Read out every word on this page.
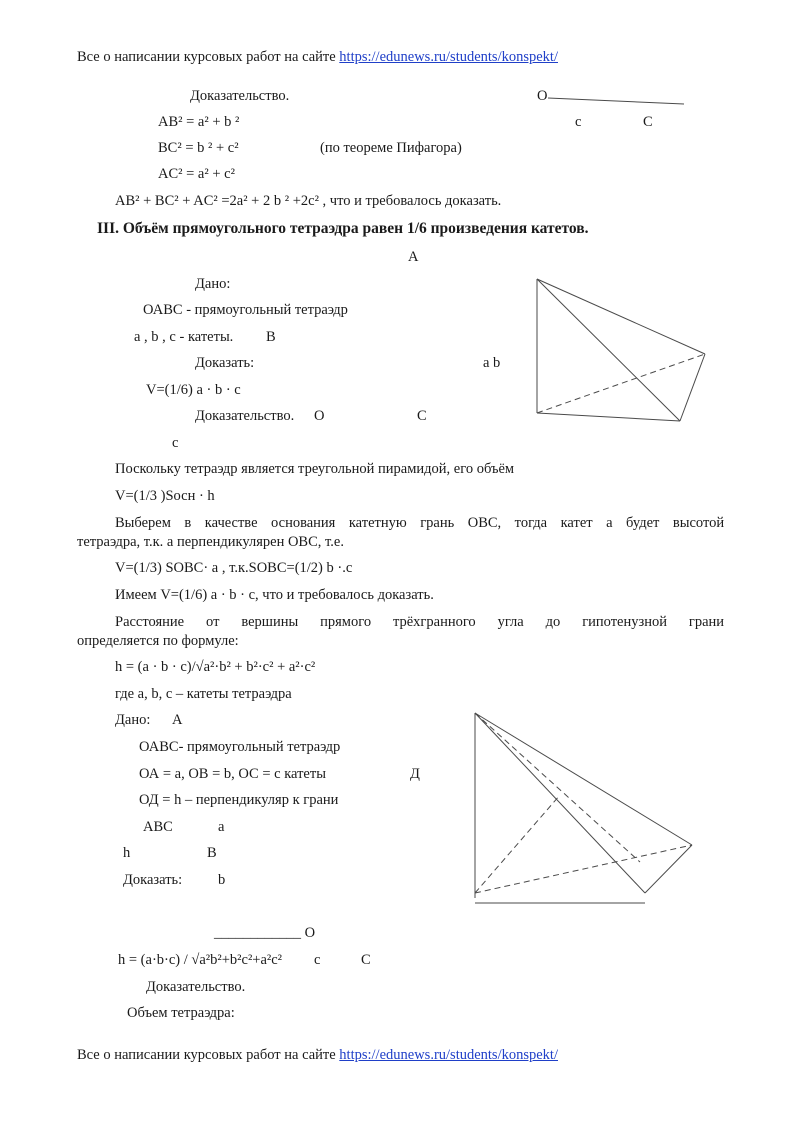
Все о написании курсовых работ на сайте https://edunews.ru/students/konspekt/
Доказательство.	О
AB² = a² + b ²	c	C
BC² = b ² + c²	(по теореме Пифагора)
AC² = a² + c²
AB² + BC² + AC² =2a² + 2 b ² +2c² , что и требовалось доказать.
III. Объём прямоугольного тетраэдра равен 1/6 произведения катетов.
А
Дано:
ОАВС - прямоугольный тетраэдр
a , b , c - катеты. В
Доказать:	a b
V=(1/6) a · b · c
Доказательство. О	С
c
Поскольку тетраэдр является треугольной пирамидой, его объём
V=(1/3 )Sосн · h
Выберем в качестве основания катетную грань ОВС, тогда катет a будет высотой
тетраэдра, т.к. а перпендикулярен ОВС, т.е.
V=(1/3) SОВС· a , т.к.SОВС=(1/2) b ·.c
Имеем V=(1/6) a · b · c, что и требовалось доказать.
Расстояние от вершины прямого трёхгранного угла до гипотенузной грани
определяется по формуле:
h = (a · b · c)/√a²·b² + b²·c² + a²·c²
где a, b, c – катеты тетраэдра
Дано: А
ОАВС- прямоугольный тетраэдр
ОА = a, ОВ = b, ОС = c катеты	Д
ОД = h – перпендикуляр к грани
АВС	a
h	В
Доказать: b
____________ О
h = (a·b·c) / √a²b²+b²c²+a²c² c	С
Доказательство.
Объем тетраэдра:
Все о написании курсовых работ на сайте https://edunews.ru/students/konspekt/
